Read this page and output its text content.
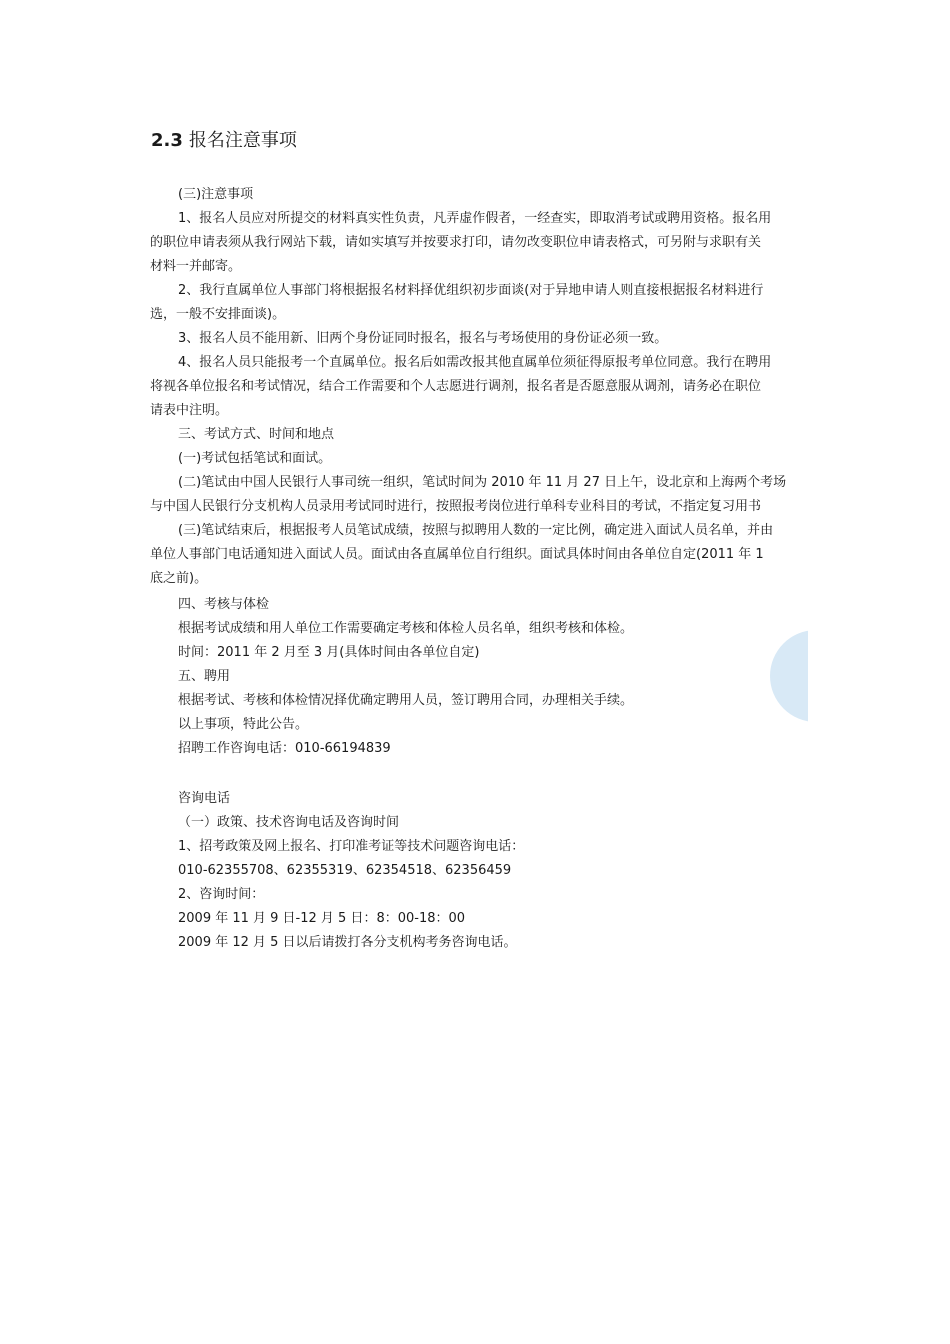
2.3 报名注意事项
(三)注意事项
1、报名人员应对所提交的材料真实性负责，凡弄虚作假者，一经查实，即取消考试或聘用资格。报名用
的职位申请表须从我行网站下载，请如实填写并按要求打印，请勿改变职位申请表格式，可另附与求职有关
材料一并邮寄。
2、我行直属单位人事部门将根据报名材料择优组织初步面谈(对于异地申请人则直接根据报名材料进行
选，一般不安排面谈)。
3、报名人员不能用新、旧两个身份证同时报名，报名与考场使用的身份证必须一致。
4、报名人员只能报考一个直属单位。报名后如需改报其他直属单位须征得原报考单位同意。我行在聘用
将视各单位报名和考试情况，结合工作需要和个人志愿进行调剂，报名者是否愿意服从调剂，请务必在职位
请表中注明。
三、考试方式、时间和地点
(一)考试包括笔试和面试。
(二)笔试由中国人民银行人事司统一组织，笔试时间为 2010 年 11 月 27 日上午，设北京和上海两个考场
与中国人民银行分支机构人员录用考试同时进行，按照报考岗位进行单科专业科目的考试，不指定复习用书
(三)笔试结束后，根据报考人员笔试成绩，按照与拟聘用人数的一定比例，确定进入面试人员名单，并由
单位人事部门电话通知进入面试人员。面试由各直属单位自行组织。面试具体时间由各单位自定(2011 年 1
底之前)。
四、考核与体检
根据考试成绩和用人单位工作需要确定考核和体检人员名单，组织考核和体检。
时间：2011 年 2 月至 3 月(具体时间由各单位自定)
五、聘用
根据考试、考核和体检情况择优确定聘用人员，签订聘用合同，办理相关手续。
以上事项，特此公告。
招聘工作咨询电话：010-66194839
咨询电话
（一）政策、技术咨询电话及咨询时间
1、招考政策及网上报名、打印准考证等技术问题咨询电话：
010-62355708、62355319、62354518、62356459
2、咨询时间：
2009 年 11 月 9 日-12 月 5 日：8：00-18：00
2009 年 12 月 5 日以后请拨打各分支机构考务咨询电话。
